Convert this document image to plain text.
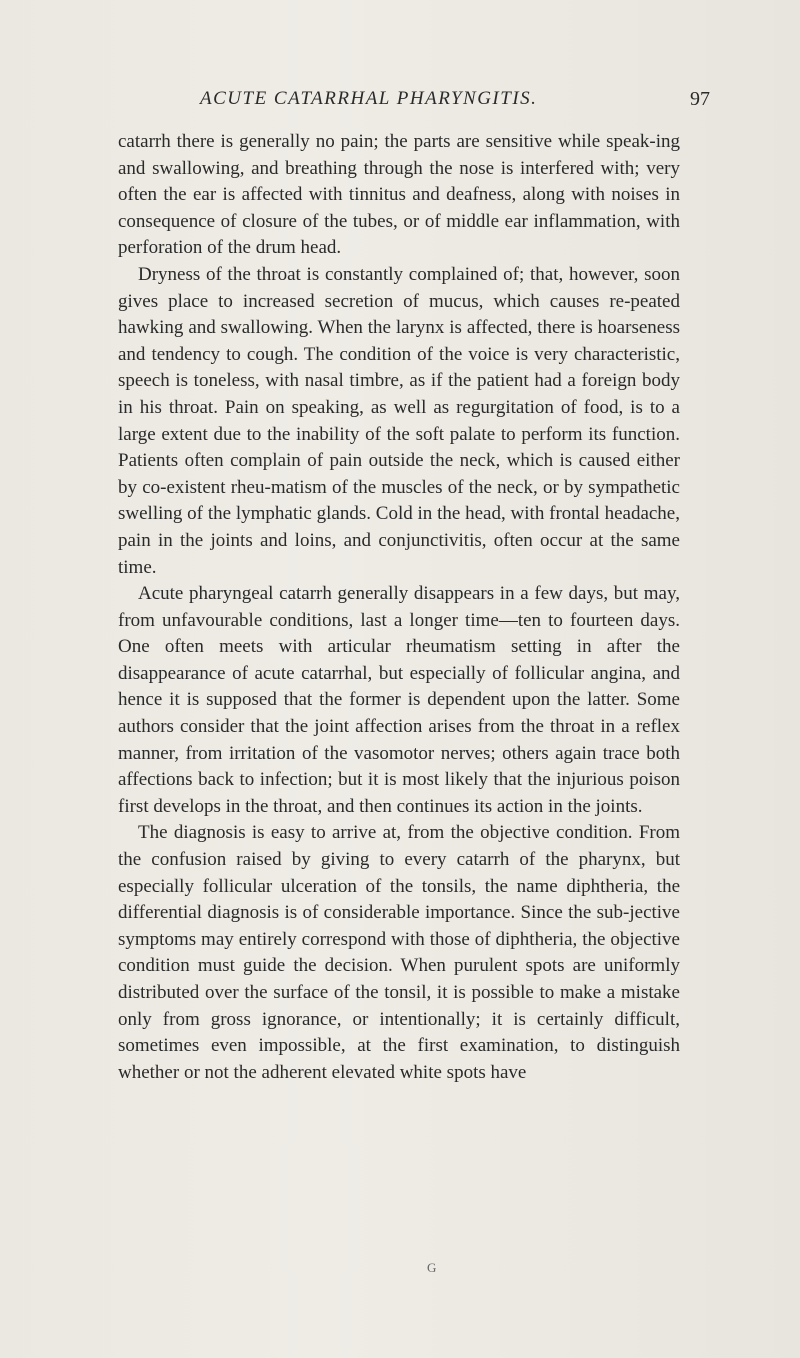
ACUTE CATARRHAL PHARYNGITIS.	97

catarrh there is generally no pain; the parts are sensitive while speak-ing and swallowing, and breathing through the nose is interfered with; very often the ear is affected with tinnitus and deafness, along with noises in consequence of closure of the tubes, or of middle ear inflammation, with perforation of the drum head.

Dryness of the throat is constantly complained of; that, however, soon gives place to increased secretion of mucus, which causes re-peated hawking and swallowing. When the larynx is affected, there is hoarseness and tendency to cough. The condition of the voice is very characteristic, speech is toneless, with nasal timbre, as if the patient had a foreign body in his throat. Pain on speaking, as well as regurgitation of food, is to a large extent due to the inability of the soft palate to perform its function. Patients often complain of pain outside the neck, which is caused either by co-existent rheu-matism of the muscles of the neck, or by sympathetic swelling of the lymphatic glands. Cold in the head, with frontal headache, pain in the joints and loins, and conjunctivitis, often occur at the same time.

Acute pharyngeal catarrh generally disappears in a few days, but may, from unfavourable conditions, last a longer time—ten to fourteen days. One often meets with articular rheumatism setting in after the disappearance of acute catarrhal, but especially of follicular angina, and hence it is supposed that the former is dependent upon the latter. Some authors consider that the joint affection arises from the throat in a reflex manner, from irritation of the vasomotor nerves; others again trace both affections back to infection; but it is most likely that the injurious poison first develops in the throat, and then continues its action in the joints.

The diagnosis is easy to arrive at, from the objective condition. From the confusion raised by giving to every catarrh of the pharynx, but especially follicular ulceration of the tonsils, the name diphtheria, the differential diagnosis is of considerable importance. Since the sub-jective symptoms may entirely correspond with those of diphtheria, the objective condition must guide the decision. When purulent spots are uniformly distributed over the surface of the tonsil, it is possible to make a mistake only from gross ignorance, or intentionally; it is certainly difficult, sometimes even impossible, at the first examination, to distinguish whether or not the adherent elevated white spots have

G
